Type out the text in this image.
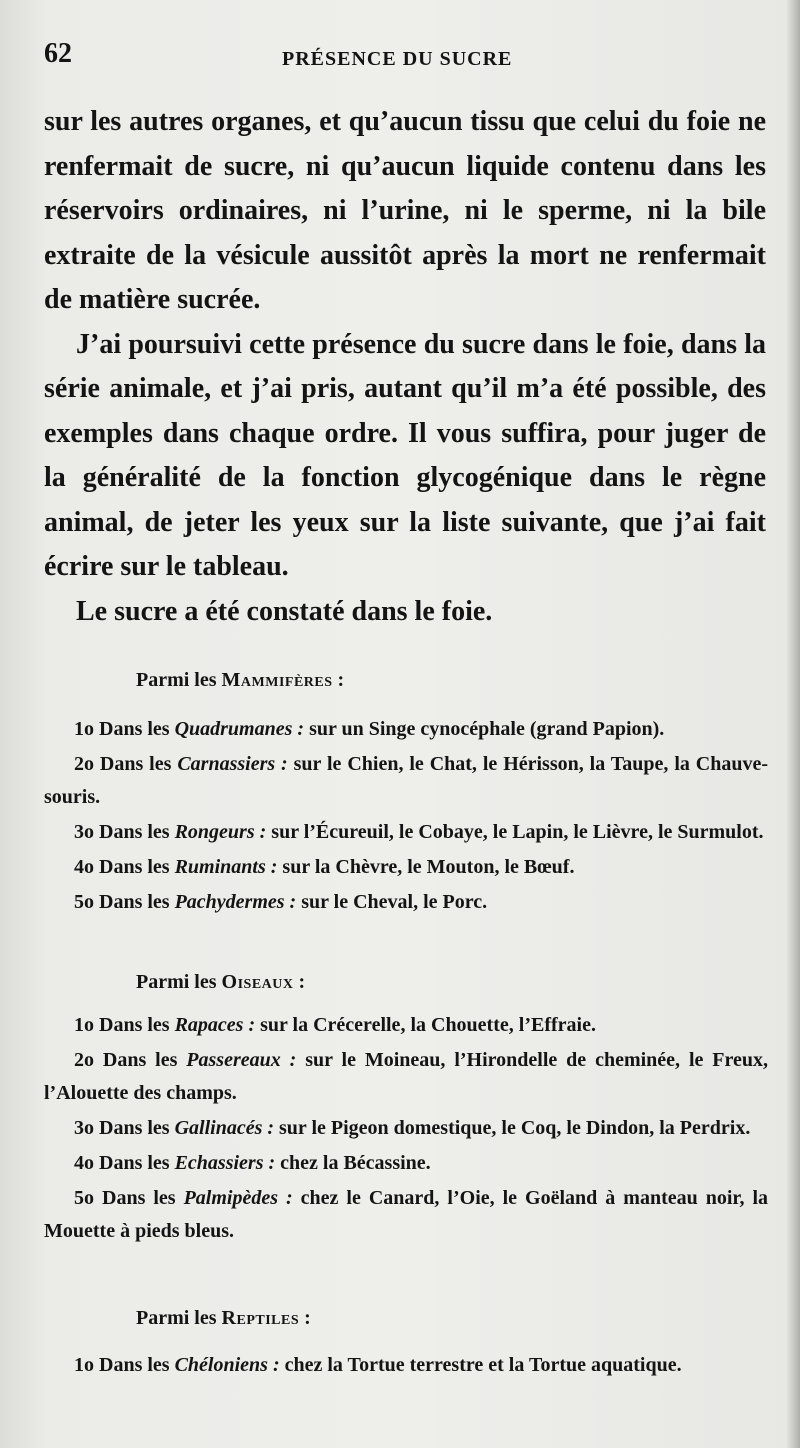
62	PRÉSENCE DU SUCRE

sur les autres organes, et qu’aucun tissu que celui du foie ne renfermait de sucre, ni qu’aucun liquide contenu dans les réservoirs ordinaires, ni l’urine, ni le sperme, ni la bile extraite de la vésicule aussitôt après la mort ne renfermait de matière sucrée.

J’ai poursuivi cette présence du sucre dans le foie, dans la série animale, et j’ai pris, autant qu’il m’a été possible, des exemples dans chaque ordre. Il vous suffira, pour juger de la généralité de la fonction glycogénique dans le règne animal, de jeter les yeux sur la liste suivante, que j’ai fait écrire sur le tableau.

Le sucre a été constaté dans le foie.

Parmi les Mammifères :

1o Dans les Quadrumanes : sur un Singe cynocéphale (grand Papion).

2o Dans les Carnassiers : sur le Chien, le Chat, le Hérisson, la Taupe, la Chauve-souris.

3o Dans les Rongeurs : sur l’Écureuil, le Cobaye, le Lapin, le Lièvre, le Surmulot.

4o Dans les Ruminants : sur la Chèvre, le Mouton, le Bœuf.

5o Dans les Pachydermes : sur le Cheval, le Porc.

Parmi les Oiseaux :

1o Dans les Rapaces : sur la Crécerelle, la Chouette, l’Effraie.

2o Dans les Passereaux : sur le Moineau, l’Hirondelle de cheminée, le Freux, l’Alouette des champs.

3o Dans les Gallinacés : sur le Pigeon domestique, le Coq, le Dindon, la Perdrix.

4o Dans les Echassiers : chez la Bécassine.

5o Dans les Palmipèdes : chez le Canard, l’Oie, le Goëland à manteau noir, la Mouette à pieds bleus.

Parmi les Reptiles :

1o Dans les Chéloniens : chez la Tortue terrestre et la Tortue aquatique.
